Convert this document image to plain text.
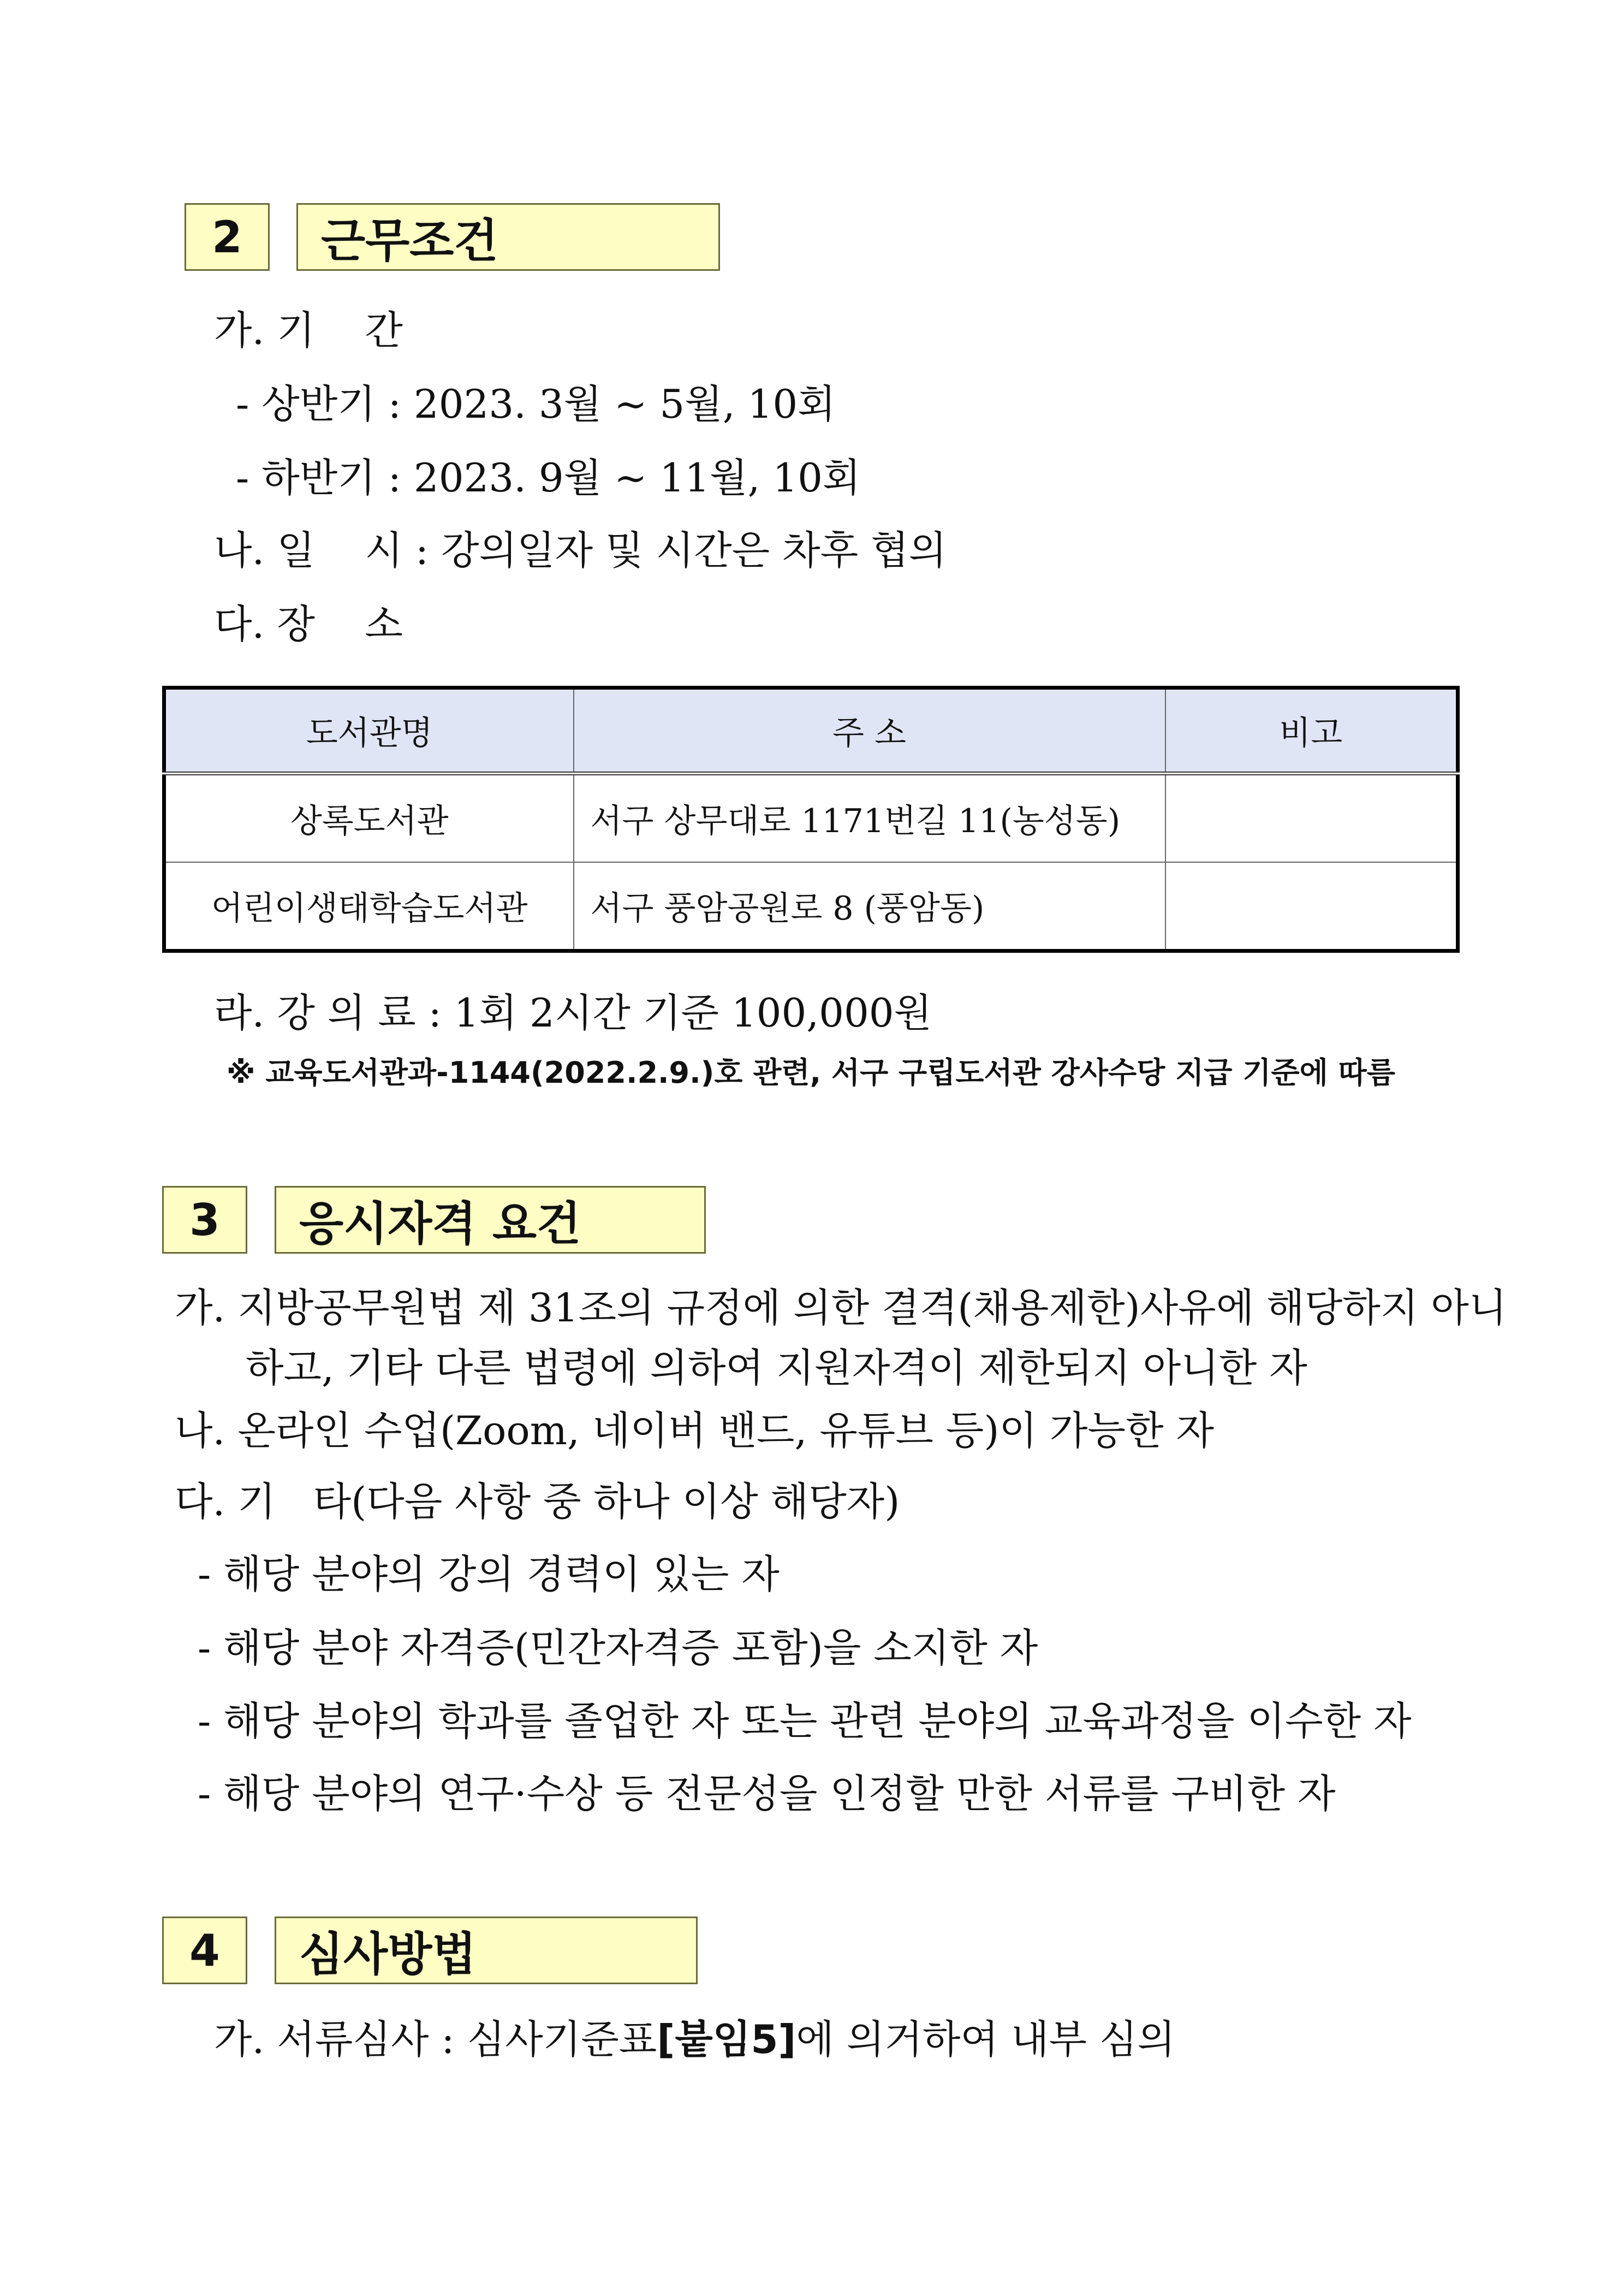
2 근무조건
가. 기    간
- 상반기 : 2023. 3월 ~ 5월, 10회
- 하반기 : 2023. 9월 ~ 11월, 10회
나. 일    시 : 강의일자 및 시간은 차후 협의
다. 장    소
도서관명	주 소	비고
상록도서관	서구 상무대로 1171번길 11(농성동)	
어린이생태학습도서관	서구 풍암공원로 8 (풍암동)	
라. 강 의 료 : 1회 2시간 기준 100,000원
※ 교육도서관과-1144(2022.2.9.)호 관련, 서구 구립도서관 강사수당 지급 기준에 따름
3 응시자격 요건
가. 지방공무원법 제 31조의 규정에 의한 결격(채용제한)사유에 해당하지 아니
하고, 기타 다른 법령에 의하여 지원자격이 제한되지 아니한 자
나. 온라인 수업(Zoom, 네이버 밴드, 유튜브 등)이 가능한 자
다. 기   타(다음 사항 중 하나 이상 해당자)
- 해당 분야의 강의 경력이 있는 자
- 해당 분야 자격증(민간자격증 포함)을 소지한 자
- 해당 분야의 학과를 졸업한 자 또는 관련 분야의 교육과정을 이수한 자
- 해당 분야의 연구·수상 등 전문성을 인정할 만한 서류를 구비한 자
4 심사방법
가. 서류심사 : 심사기준표[붙임5]에 의거하여 내부 심의
